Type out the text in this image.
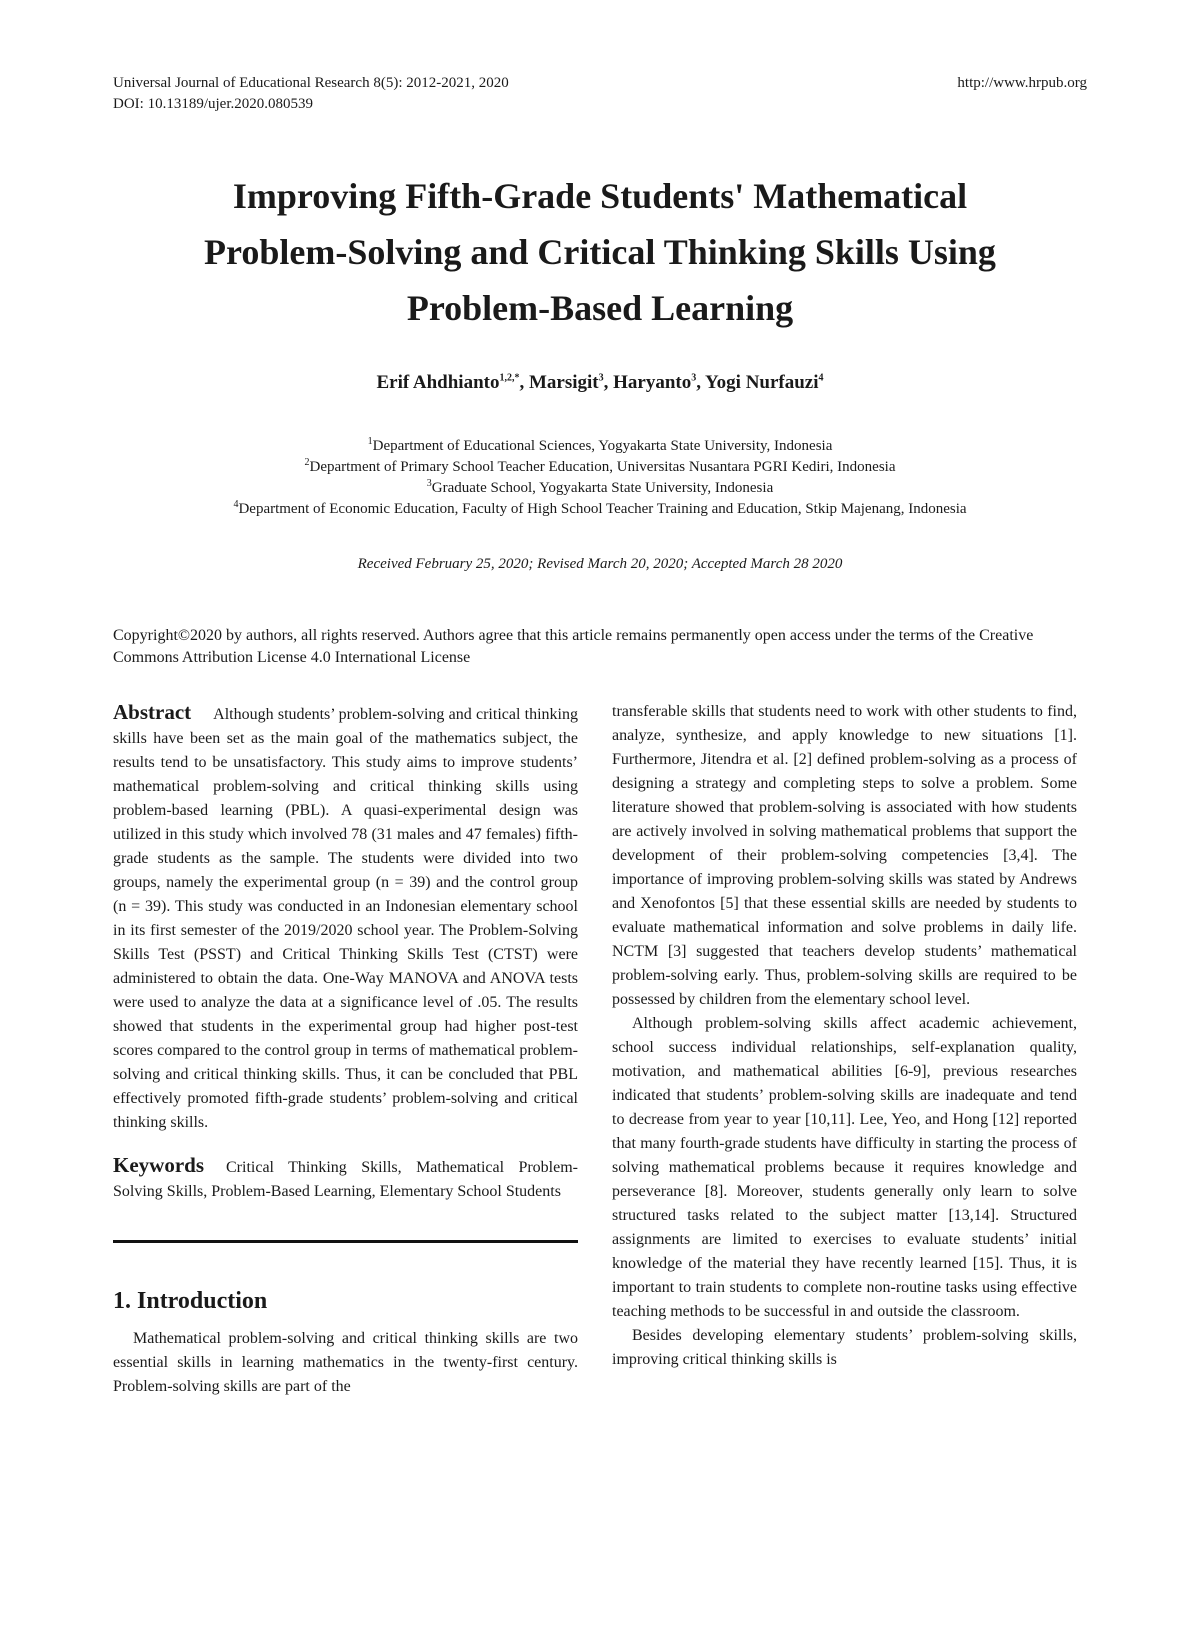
Universal Journal of Educational Research 8(5): 2012-2021, 2020
DOI: 10.13189/ujer.2020.080539
http://www.hrpub.org
Improving Fifth-Grade Students' Mathematical
Problem-Solving and Critical Thinking Skills Using
Problem-Based Learning
Erif Ahdhianto$^{1,2,*}$, Marsigit$^3$, Haryanto$^3$, Yogi Nurfauzi$^4$
$^1$Department of Educational Sciences, Yogyakarta State University, Indonesia
$^2$Department of Primary School Teacher Education, Universitas Nusantara PGRI Kediri, Indonesia
$^3$Graduate School, Yogyakarta State University, Indonesia
$^4$Department of Economic Education, Faculty of High School Teacher Training and Education, Stkip Majenang, Indonesia
Received February 25, 2020; Revised March 20, 2020; Accepted March 28 2020
Copyright©2020 by authors, all rights reserved. Authors agree that this article remains permanently open access under the terms of the Creative Commons Attribution License 4.0 International License

Abstract Although students’ problem-solving and critical thinking skills have been set as the main goal of the mathematics subject, the results tend to be unsatisfactory. This study aims to improve students’ mathematical problem-solving and critical thinking skills using problem-based learning (PBL). A quasi-experimental design was utilized in this study which involved 78 (31 males and 47 females) fifth-grade students as the sample. The students were divided into two groups, namely the experimental group (n = 39) and the control group (n = 39). This study was conducted in an Indonesian elementary school in its first semester of the 2019/2020 school year. The Problem-Solving Skills Test (PSST) and Critical Thinking Skills Test (CTST) were administered to obtain the data. One-Way MANOVA and ANOVA tests were used to analyze the data at a significance level of .05. The results showed that students in the experimental group had higher post-test scores compared to the control group in terms of mathematical problem-solving and critical thinking skills. Thus, it can be concluded that PBL effectively promoted fifth-grade students’ problem-solving and critical thinking skills.

Keywords Critical Thinking Skills, Mathematical Problem-Solving Skills, Problem-Based Learning, Elementary School Students

1. Introduction

Mathematical problem-solving and critical thinking skills are two essential skills in learning mathematics in the twenty-first century. Problem-solving skills are part of the

transferable skills that students need to work with other students to find, analyze, synthesize, and apply knowledge to new situations [1]. Furthermore, Jitendra et al. [2] defined problem-solving as a process of designing a strategy and completing steps to solve a problem. Some literature showed that problem-solving is associated with how students are actively involved in solving mathematical problems that support the development of their problem-solving competencies [3,4]. The importance of improving problem-solving skills was stated by Andrews and Xenofontos [5] that these essential skills are needed by students to evaluate mathematical information and solve problems in daily life. NCTM [3] suggested that teachers develop students’ mathematical problem-solving early. Thus, problem-solving skills are required to be possessed by children from the elementary school level.

Although problem-solving skills affect academic achievement, school success individual relationships, self-explanation quality, motivation, and mathematical abilities [6-9], previous researches indicated that students’ problem-solving skills are inadequate and tend to decrease from year to year [10,11]. Lee, Yeo, and Hong [12] reported that many fourth-grade students have difficulty in starting the process of solving mathematical problems because it requires knowledge and perseverance [8]. Moreover, students generally only learn to solve structured tasks related to the subject matter [13,14]. Structured assignments are limited to exercises to evaluate students’ initial knowledge of the material they have recently learned [15]. Thus, it is important to train students to complete non-routine tasks using effective teaching methods to be successful in and outside the classroom.

Besides developing elementary students’ problem-solving skills, improving critical thinking skills is
